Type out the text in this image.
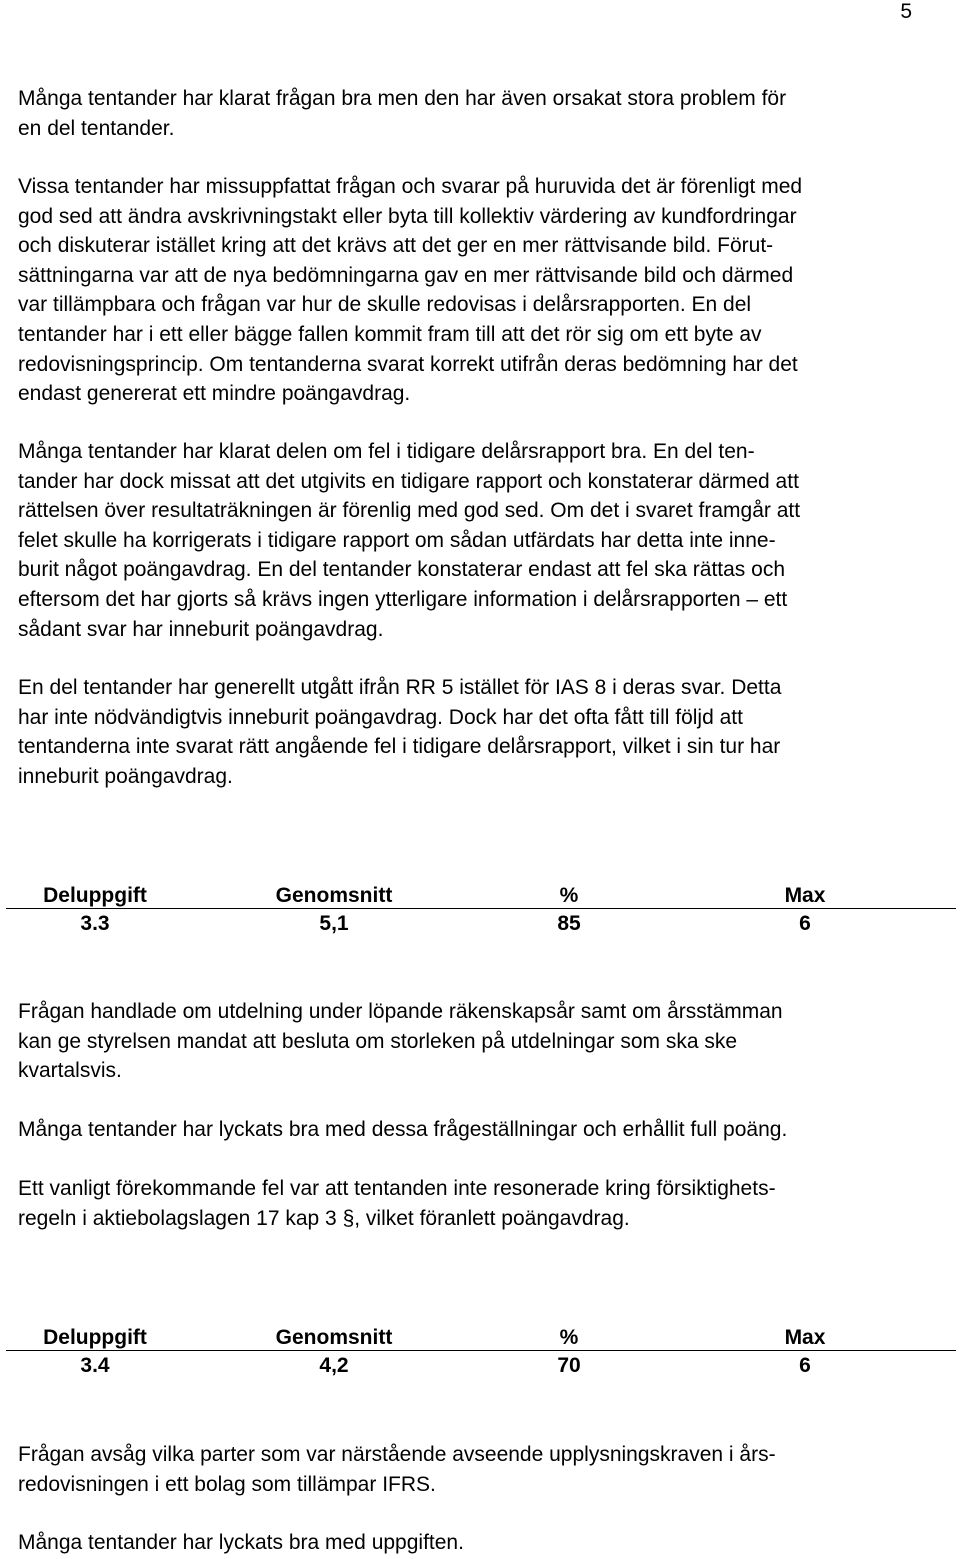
5

Många tentander har klarat frågan bra men den har även orsakat stora problem för
en del tentander.

Vissa tentander har missuppfattat frågan och svarar på huruvida det är förenligt med
god sed att ändra avskrivningstakt eller byta till kollektiv värdering av kundfordringar
och diskuterar istället kring att det krävs att det ger en mer rättvisande bild. Förut-
sättningarna var att de nya bedömningarna gav en mer rättvisande bild och därmed
var tillämpbara och frågan var hur de skulle redovisas i delårsrapporten. En del
tentander har i ett eller bägge fallen kommit fram till att det rör sig om ett byte av
redovisningsprincip. Om tentanderna svarat korrekt utifrån deras bedömning har det
endast genererat ett mindre poängavdrag.

Många tentander har klarat delen om fel i tidigare delårsrapport bra. En del ten-
tander har dock missat att det utgivits en tidigare rapport och konstaterar därmed att
rättelsen över resultaträkningen är förenlig med god sed. Om det i svaret framgår att
felet skulle ha korrigerats i tidigare rapport om sådan utfärdats har detta inte inne-
burit något poängavdrag. En del tentander konstaterar endast att fel ska rättas och
eftersom det har gjorts så krävs ingen ytterligare information i delårsrapporten – ett
sådant svar har inneburit poängavdrag.

En del tentander har generellt utgått ifrån RR 5 istället för IAS 8 i deras svar. Detta
har inte nödvändigtvis inneburit poängavdrag. Dock har det ofta fått till följd att
tentanderna inte svarat rätt angående fel i tidigare delårsrapport, vilket i sin tur har
inneburit poängavdrag.

Deluppgift	Genomsnitt	%	Max
3.3	5,1	85	6

Frågan handlade om utdelning under löpande räkenskapsår samt om årsstämman
kan ge styrelsen mandat att besluta om storleken på utdelningar som ska ske
kvartalsvis.

Många tentander har lyckats bra med dessa frågeställningar och erhållit full poäng.

Ett vanligt förekommande fel var att tentanden inte resonerade kring försiktighets-
regeln i aktiebolagslagen 17 kap 3 §, vilket föranlett poängavdrag.

Deluppgift	Genomsnitt	%	Max
3.4	4,2	70	6

Frågan avsåg vilka parter som var närstående avseende upplysningskraven i års-
redovisningen i ett bolag som tillämpar IFRS.

Många tentander har lyckats bra med uppgiften.
